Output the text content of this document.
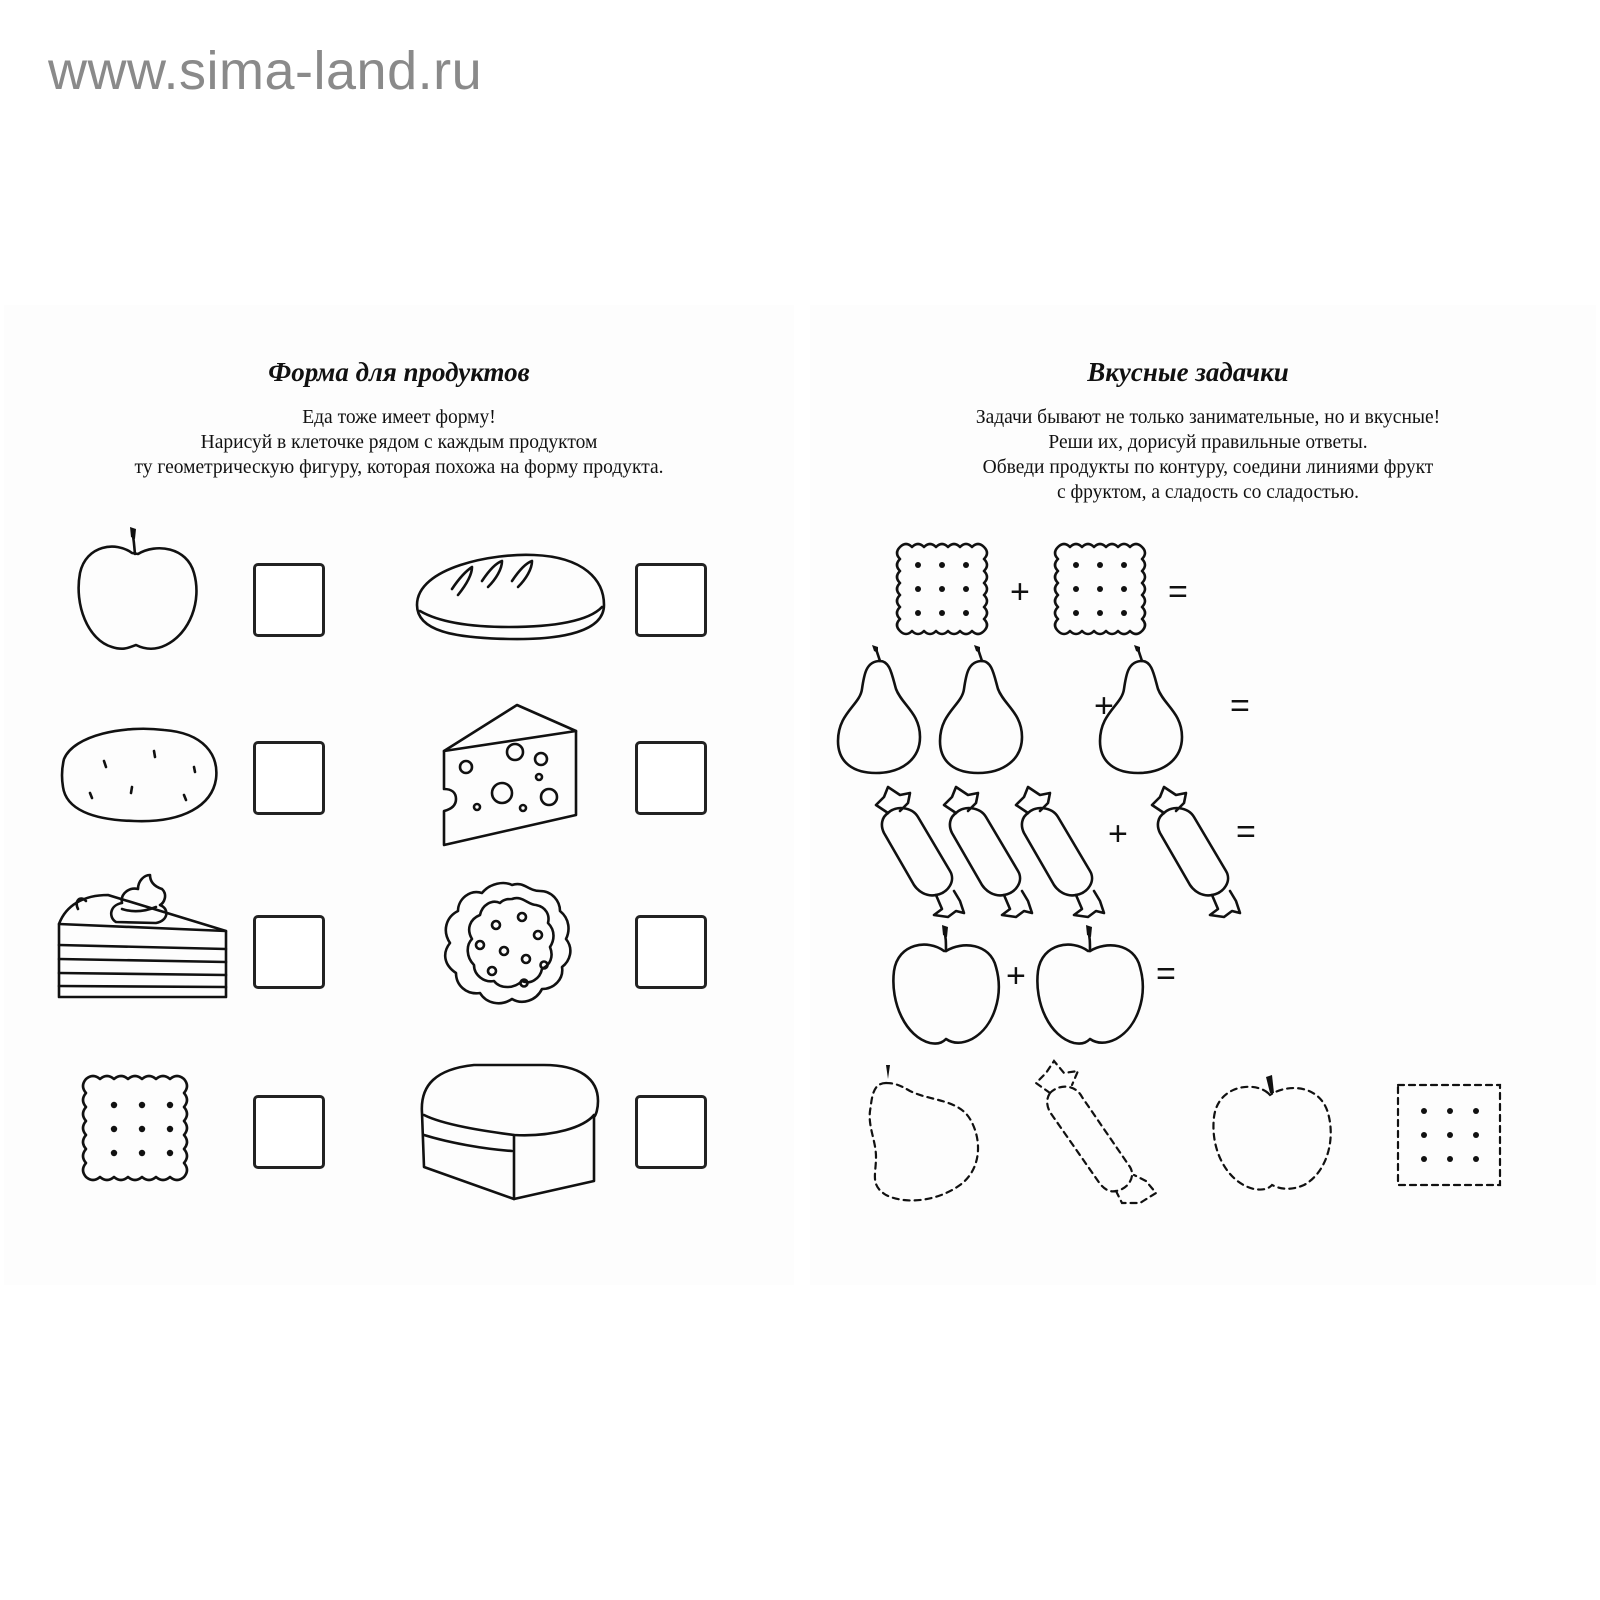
www.sima-land.ru
Форма для продуктов
Еда тоже имеет форму!
Нарисуй в клеточке рядом с каждым продуктом
ту геометрическую фигуру, которая похожа на форму продукта.
Вкусные задачки
Задачи бывают не только занимательные, но и вкусные!
Реши их, дорисуй правильные ответы.
Обведи продукты по контуру, соедини линиями фрукт
с фруктом, а сладость со сладостью.
+	=
+	=
+	=
+	=
